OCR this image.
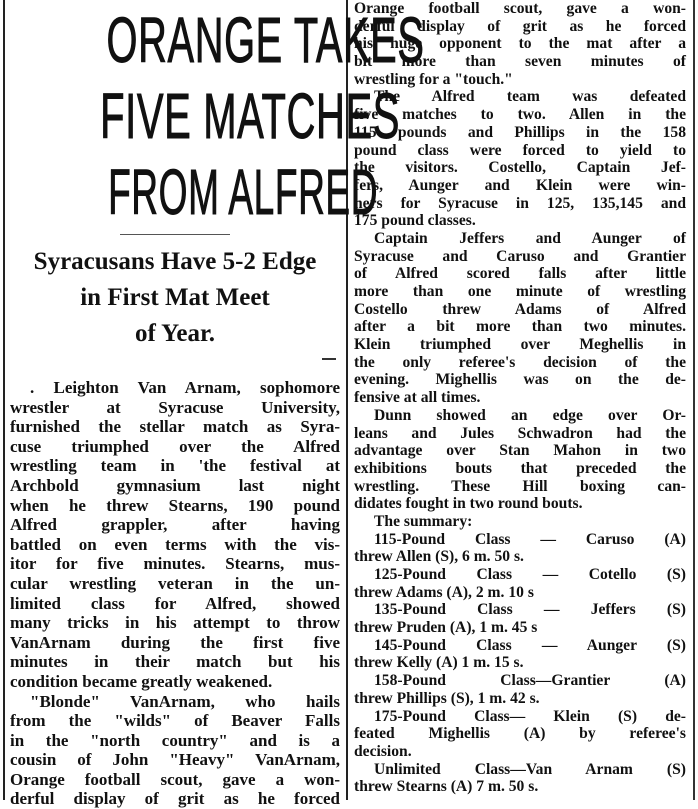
ORANGE TAKES
FIVE MATCHES
FROM ALFRED
Syracusans Have 5-2 Edge
in First Mat Meet
of Year.
. Leighton Van Arnam, sophomore
wrestler at Syracuse University,
furnished the stellar match as Syra-
cuse triumphed over the Alfred
wrestling team in 'the festival at
Archbold gymnasium last night
when he threw Stearns, 190 pound
Alfred grappler, after having
battled on even terms with the vis-
itor for five minutes. Stearns, mus-
cular wrestling veteran in the un-
limited class for Alfred, showed
many tricks in his attempt to throw
VanArnam during the first five
minutes in their match but his
condition became greatly weakened.
"Blonde" VanArnam, who hails
from the "wilds" of Beaver Falls
in the "north country" and is a
cousin of John "Heavy" VanArnam,
Orange football scout, gave a won-
derful display of grit as he forced
Orange football scout, gave a won-
derful display of grit as he forced
his huge opponent to the mat after a
bit more than seven minutes of
wrestling for a "touch."
The Alfred team was defeated
five matches to two. Allen in the
115 pounds and Phillips in the 158
pound class were forced to yield to
the visitors. Costello, Captain Jef-
fers, Aunger and Klein were win-
ners for Syracuse in 125, 135,145 and
175 pound classes.
Captain Jeffers and Aunger of
Syracuse and Caruso and Grantier
of Alfred scored falls after little
more than one minute of wrestling
Costello threw Adams of Alfred
after a bit more than two minutes.
Klein triumphed over Meghellis in
the only referee's decision of the
evening. Mighellis was on the de-
fensive at all times.
Dunn showed an edge over Or-
leans and Jules Schwadron had the
advantage over Stan Mahon in two
exhibitions bouts that preceded the
wrestling. These Hill boxing can-
didates fought in two round bouts.
The summary:
115-Pound Class — Caruso (A)
threw Allen (S), 6 m. 50 s.
125-Pound Class — Cotello (S)
threw Adams (A), 2 m. 10 s
135-Pound Class — Jeffers (S)
threw Pruden (A), 1 m. 45 s
145-Pound Class — Aunger (S)
threw Kelly (A) 1 m. 15 s.
158-Pound Class—Grantier (A)
threw Phillips (S), 1 m. 42 s.
175-Pound Class— Klein (S) de-
feated Mighellis (A) by referee's
decision.
Unlimited Class—Van Arnam (S)
threw Stearns (A) 7 m. 50 s.
